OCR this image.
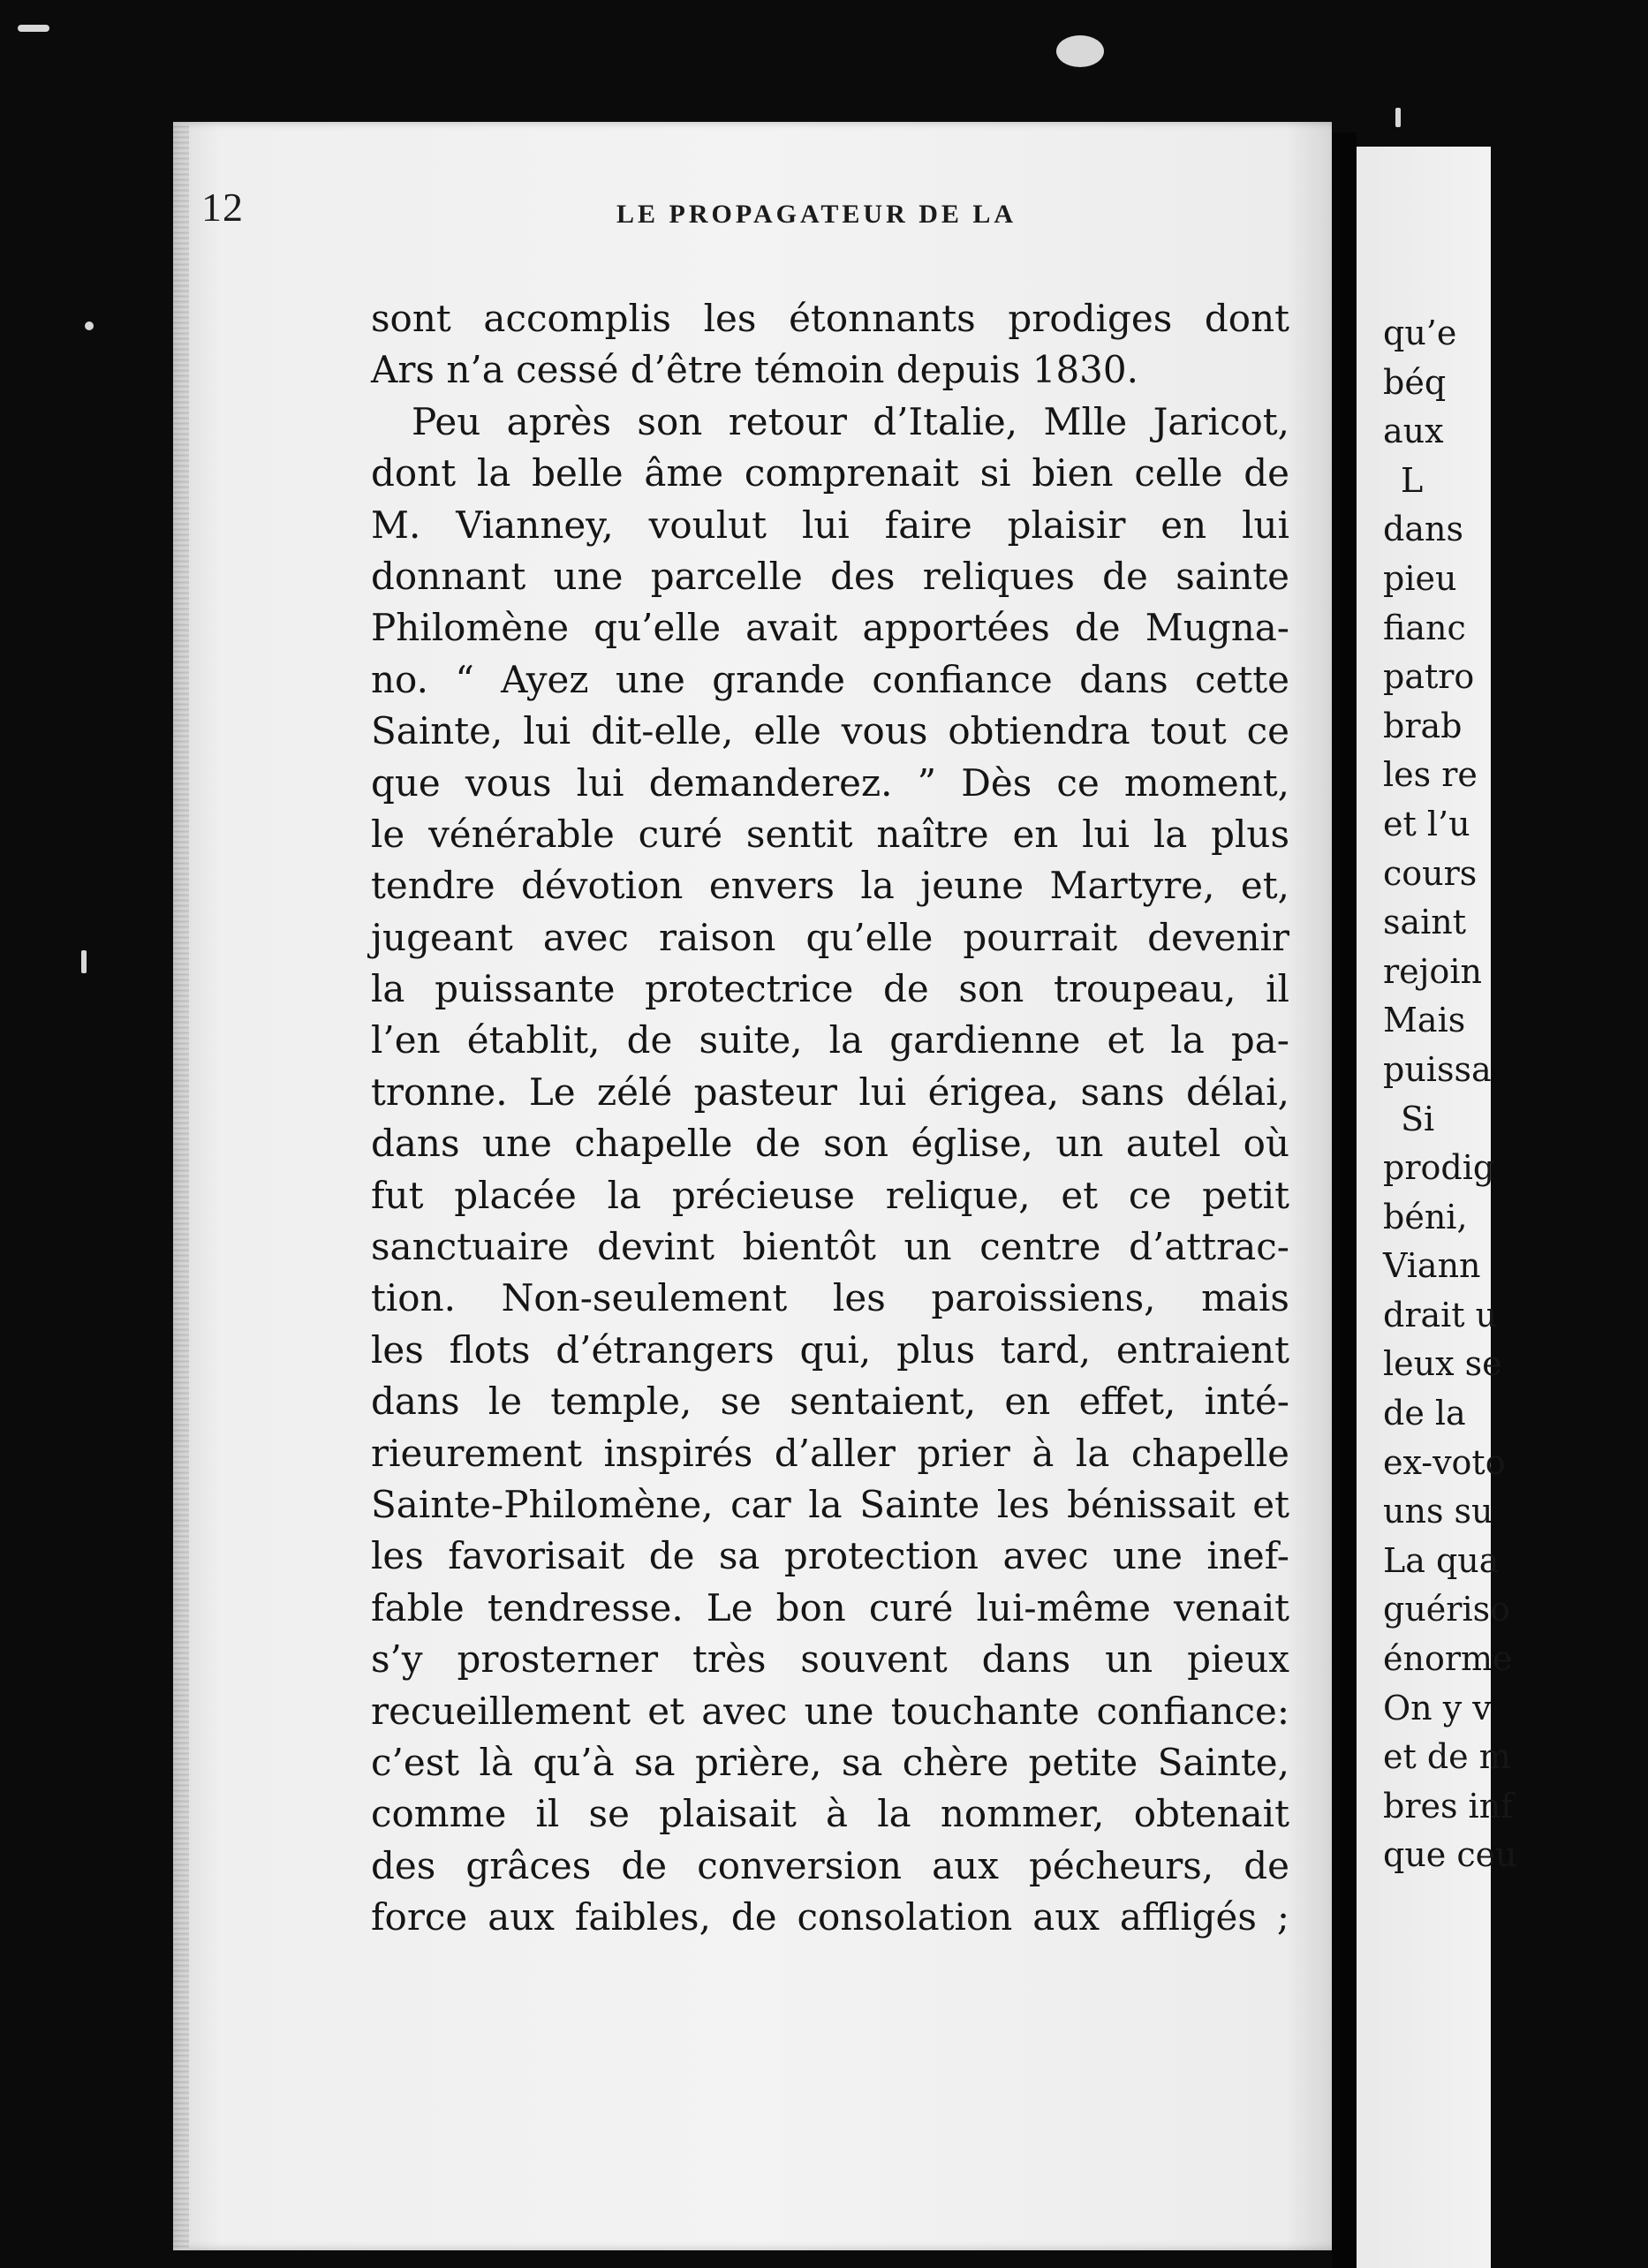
12	LE PROPAGATEUR DE LA
sont accomplis les étonnants prodiges dont
Ars n’a cessé d’être témoin depuis 1830.
Peu après son retour d’Italie, Mlle Jaricot,
dont la belle âme comprenait si bien celle de
M. Vianney, voulut lui faire plaisir en lui
donnant une parcelle des reliques de sainte
Philomène qu’elle avait apportées de Mugna-
no. “ Ayez une grande confiance dans cette
Sainte, lui dit-elle, elle vous obtiendra tout ce
que vous lui demanderez. ” Dès ce moment,
le vénérable curé sentit naître en lui la plus
tendre dévotion envers la jeune Martyre, et,
jugeant avec raison qu’elle pourrait devenir
la puissante protectrice de son troupeau, il
l’en établit, de suite, la gardienne et la pa-
tronne. Le zélé pasteur lui érigea, sans délai,
dans une chapelle de son église, un autel où
fut placée la précieuse relique, et ce petit
sanctuaire devint bientôt un centre d’attrac-
tion. Non-seulement les paroissiens, mais
les flots d’étrangers qui, plus tard, entraient
dans le temple, se sentaient, en effet, inté-
rieurement inspirés d’aller prier à la chapelle
Sainte-Philomène, car la Sainte les bénissait et
les favorisait de sa protection avec une inef-
fable tendresse. Le bon curé lui-même venait
s’y prosterner très souvent dans un pieux
recueillement et avec une touchante confiance:
c’est là qu’à sa prière, sa chère petite Sainte,
comme il se plaisait à la nommer, obtenait
des grâces de conversion aux pécheurs, de
force aux faibles, de consolation aux affligés ;
qu’e
béq
aux
L
dans
pieu
fianc
patro
brab
les re
et l’u
cours
saint
rejoin
Mais
puissa
Si
prodig
béni,
Viann
drait u
leux se
de la
ex-voto
uns su
La qua
guériso
énorme
On y v
et de m
bres inf
que ceu
